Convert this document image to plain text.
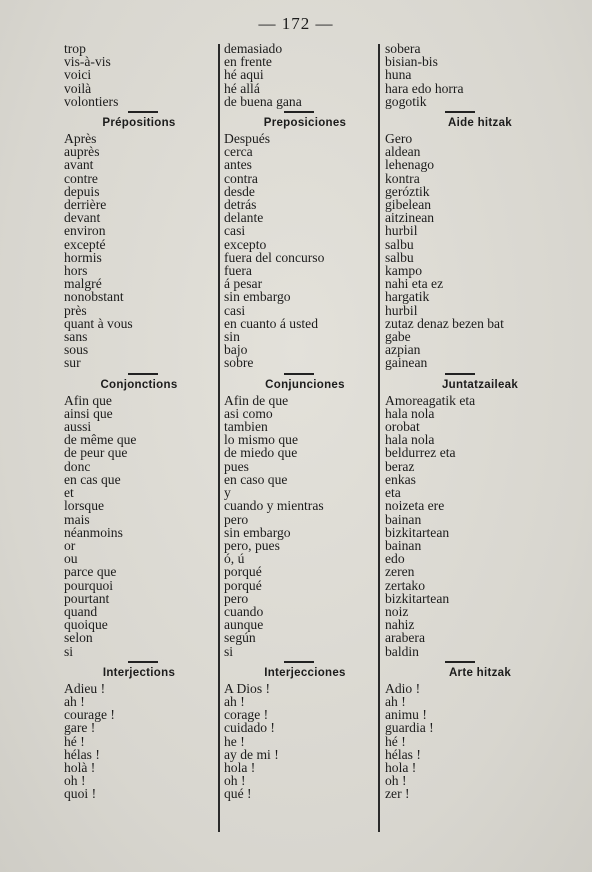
— 172 —
trop
vis-à-vis
voici
voilà
volontiers
Prépositions
Après
auprès
avant
contre
depuis
derrière
devant
environ
excepté
hormis
hors
malgré
nonobstant
près
quant à vous
sans
sous
sur
Conjonctions
Afin que
ainsi que
aussi
de même que
de peur que
donc
en cas que
et
lorsque
mais
néanmoins
or
ou
parce que
pourquoi
pourtant
quand
quoique
selon
si
Interjections
Adieu !
ah !
courage !
gare !
hé !
hélas !
holà !
oh !
quoi !
demasiado
en frente
hé aqui
hé allá
de buena gana
Preposiciones
Después
cerca
antes
contra
desde
detrás
delante
casi
excepto
fuera del concurso
fuera
á pesar
sin embargo
casi
en cuanto á usted
sin
bajo
sobre
Conjunciones
Afin de que
asi como
tambien
lo mismo que
de miedo que
pues
en caso que
y
cuando y mientras
pero
sin embargo
pero, pues
ó, ú
porqué
porqué
pero
cuando
aunque
según
si
Interjecciones
A Dios !
ah !
corage !
cuidado !
he !
ay de mi !
hola !
oh !
qué !
sobera
bisian-bis
huna
hara edo horra
gogotik
Aide hitzak
Gero
aldean
lehenago
kontra
geróztik
gibelean
aitzinean
hurbil
salbu
salbu
kampo
nahi eta ez
hargatik
hurbil
zutaz denaz bezen bat
gabe
azpian
gainean
Juntatzaileak
Amoreagatik eta
hala nola
orobat
hala nola
beldurrez eta
beraz
enkas
eta
noizeta ere
bainan
bizkitartean
bainan
edo
zeren
zertako
bizkitartean
noiz
nahiz
arabera
baldin
Arte hitzak
Adio !
ah !
animu !
guardia !
hé !
hélas !
hola !
oh !
zer !
